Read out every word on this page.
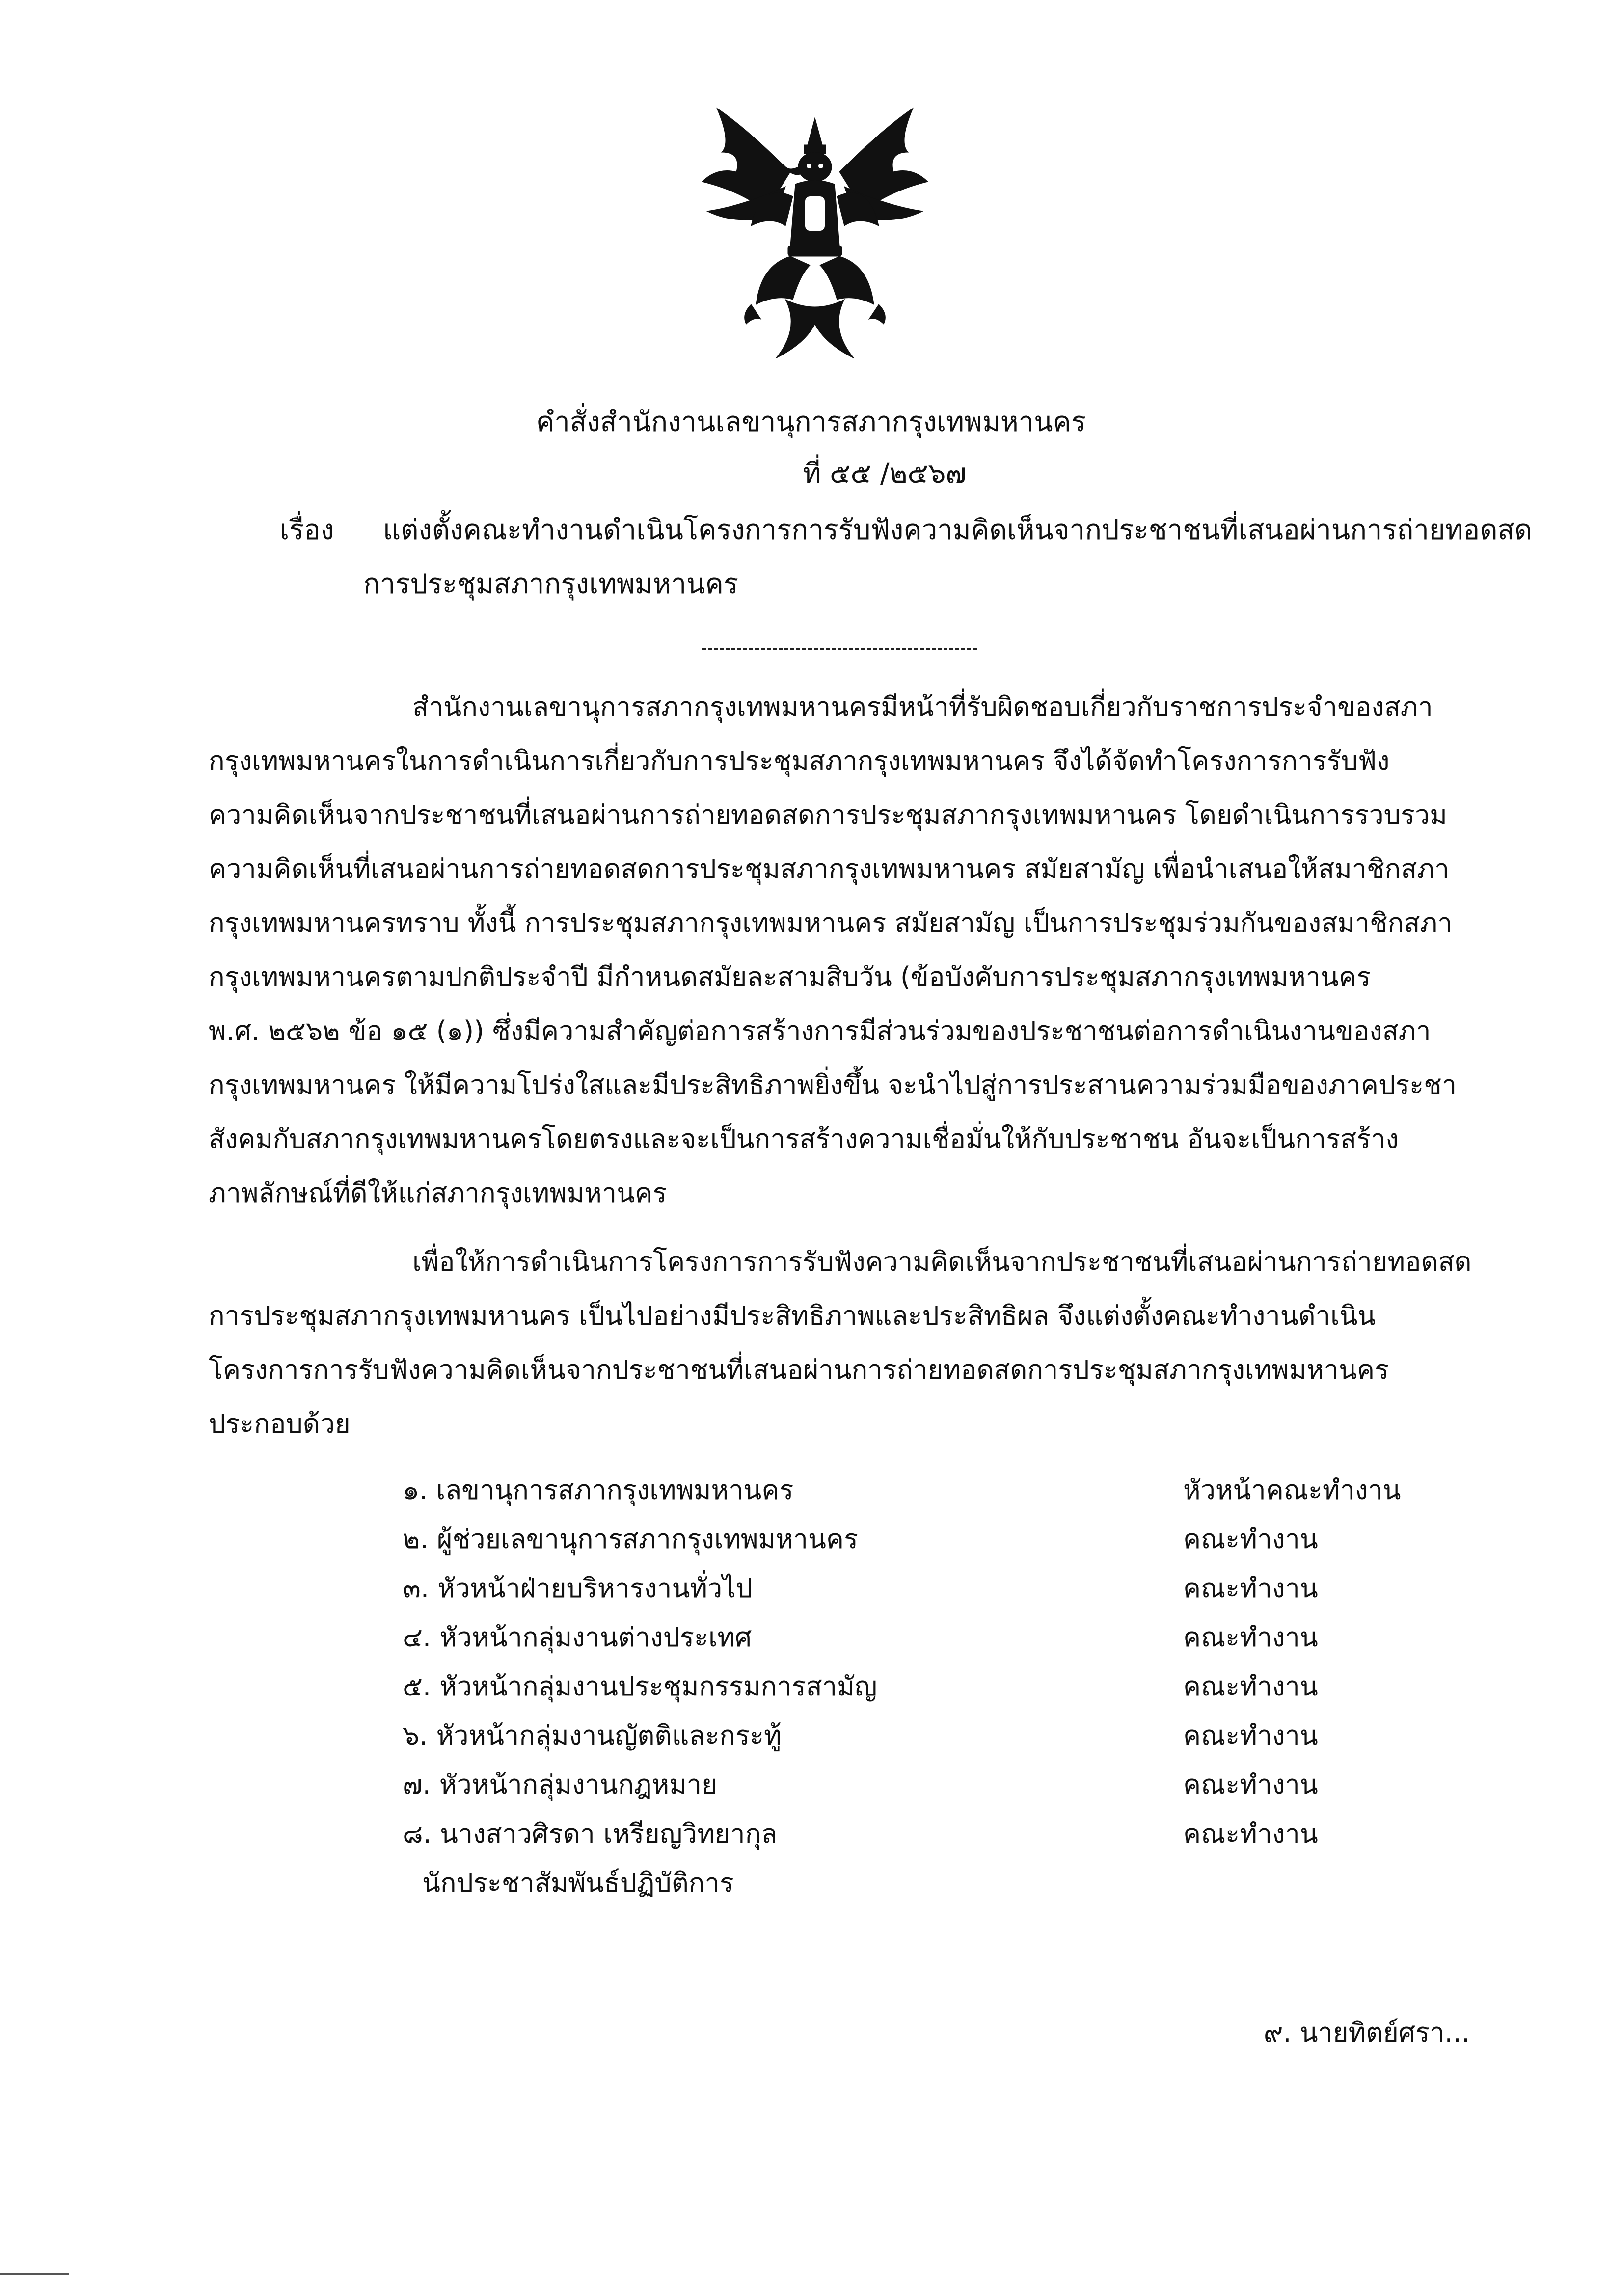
คำสั่งสำนักงานเลขานุการสภากรุงเทพมหานคร
ที่ ๕๕ /๒๕๖๗
เรื่อง แต่งตั้งคณะทำงานดำเนินโครงการการรับฟังความคิดเห็นจากประชาชนที่เสนอผ่านการถ่ายทอดสด
การประชุมสภากรุงเทพมหานคร
สำนักงานเลขานุการสภากรุงเทพมหานครมีหน้าที่รับผิดชอบเกี่ยวกับราชการประจำของสภา
กรุงเทพมหานครในการดำเนินการเกี่ยวกับการประชุมสภากรุงเทพมหานคร จึงได้จัดทำโครงการการรับฟัง
ความคิดเห็นจากประชาชนที่เสนอผ่านการถ่ายทอดสดการประชุมสภากรุงเทพมหานคร โดยดำเนินการรวบรวม
ความคิดเห็นที่เสนอผ่านการถ่ายทอดสดการประชุมสภากรุงเทพมหานคร สมัยสามัญ เพื่อนำเสนอให้สมาชิกสภา
กรุงเทพมหานครทราบ ทั้งนี้ การประชุมสภากรุงเทพมหานคร สมัยสามัญ เป็นการประชุมร่วมกันของสมาชิกสภา
กรุงเทพมหานครตามปกติประจำปี มีกำหนดสมัยละสามสิบวัน (ข้อบังคับการประชุมสภากรุงเทพมหานคร
พ.ศ. ๒๕๖๒ ข้อ ๑๕ (๑)) ซึ่งมีความสำคัญต่อการสร้างการมีส่วนร่วมของประชาชนต่อการดำเนินงานของสภา
กรุงเทพมหานคร ให้มีความโปร่งใสและมีประสิทธิภาพยิ่งขึ้น จะนำไปสู่การประสานความร่วมมือของภาคประชา
สังคมกับสภากรุงเทพมหานครโดยตรงและจะเป็นการสร้างความเชื่อมั่นให้กับประชาชน อันจะเป็นการสร้าง
ภาพลักษณ์ที่ดีให้แก่สภากรุงเทพมหานคร
เพื่อให้การดำเนินการโครงการการรับฟังความคิดเห็นจากประชาชนที่เสนอผ่านการถ่ายทอดสด
การประชุมสภากรุงเทพมหานคร เป็นไปอย่างมีประสิทธิภาพและประสิทธิผล จึงแต่งตั้งคณะทำงานดำเนิน
โครงการการรับฟังความคิดเห็นจากประชาชนที่เสนอผ่านการถ่ายทอดสดการประชุมสภากรุงเทพมหานคร
ประกอบด้วย
๑. เลขานุการสภากรุงเทพมหานคร	หัวหน้าคณะทำงาน
๒. ผู้ช่วยเลขานุการสภากรุงเทพมหานคร	คณะทำงาน
๓. หัวหน้าฝ่ายบริหารงานทั่วไป	คณะทำงาน
๔. หัวหน้ากลุ่มงานต่างประเทศ	คณะทำงาน
๕. หัวหน้ากลุ่มงานประชุมกรรมการสามัญ	คณะทำงาน
๖. หัวหน้ากลุ่มงานญัตติและกระทู้	คณะทำงาน
๗. หัวหน้ากลุ่มงานกฎหมาย	คณะทำงาน
๘. นางสาวศิรดา เหรียญวิทยากุล	คณะทำงาน
นักประชาสัมพันธ์ปฏิบัติการ
๙. นายทิตย์ศรา...
